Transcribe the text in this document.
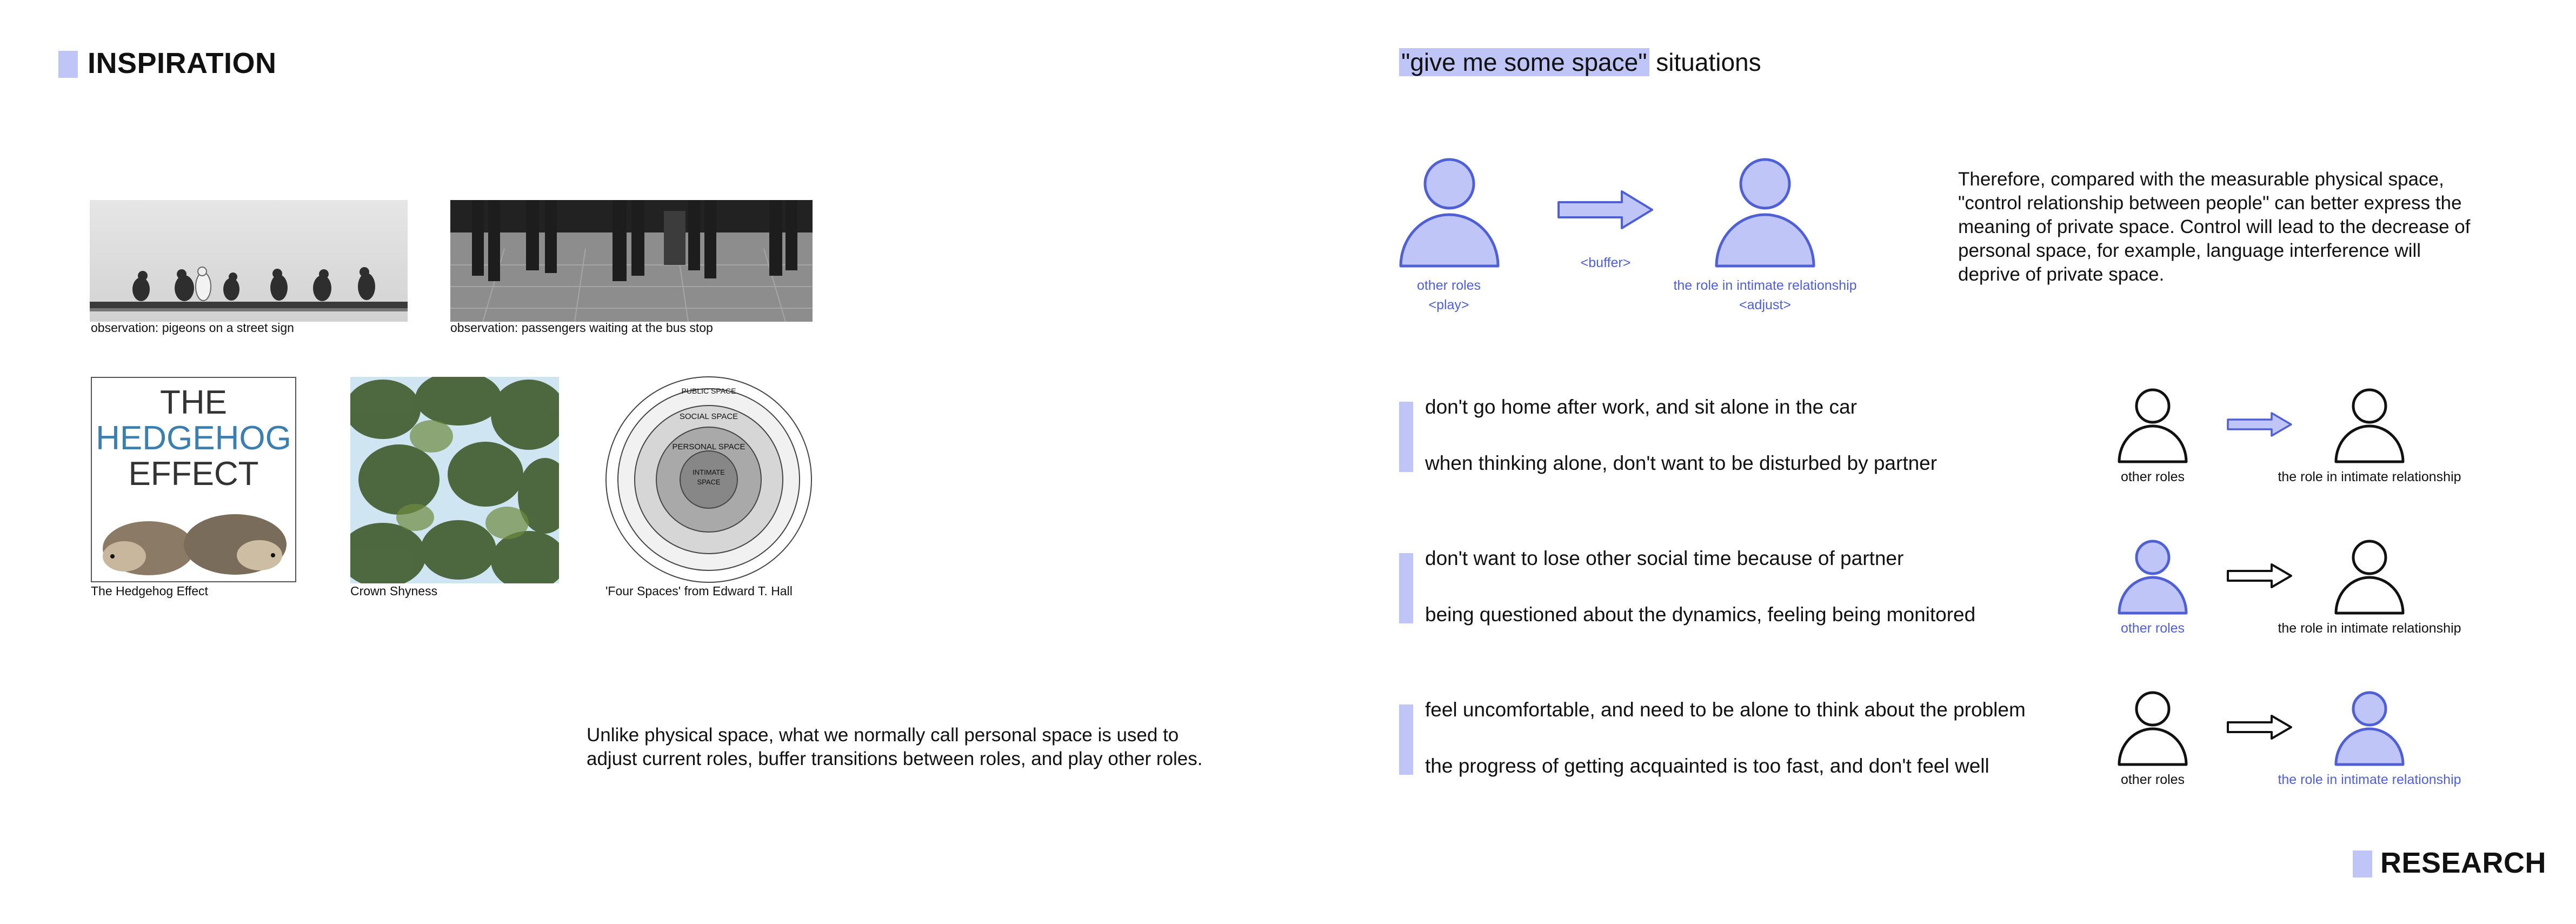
INSPIRATION
observation: pigeons on a street sign	observation: passengers waiting at the bus stop
THE
HEDGEHOG
EFFECT
The Hedgehog Effect	Crown Shyness
PUBLIC SPACE
SOCIAL SPACE
PERSONAL SPACE
INTIMATE
SPACE
'Four Spaces' from Edward T. Hall
Unlike physical space, what we normally call personal space is used to
adjust current roles, buffer transitions between roles, and play other roles.
"give me some space" situations
other roles
<play>
<buffer>
the role in intimate relationship
<adjust>
Therefore, compared with the measurable physical space, "control relationship between people" can better express the meaning of private space. Control will lead to the decrease of personal space, for example, language interference will deprive of private space.
don't go home after work, and sit alone in the car
when thinking alone, don't want to be disturbed by partner
other roles	the role in intimate relationship
don't want to lose other social time because of partner
being questioned about the dynamics, feeling being monitored
other roles	the role in intimate relationship
feel uncomfortable, and need to be alone to think about the problem
the progress of getting acquainted is too fast, and don't feel well
other roles	the role in intimate relationship
RESEARCH
